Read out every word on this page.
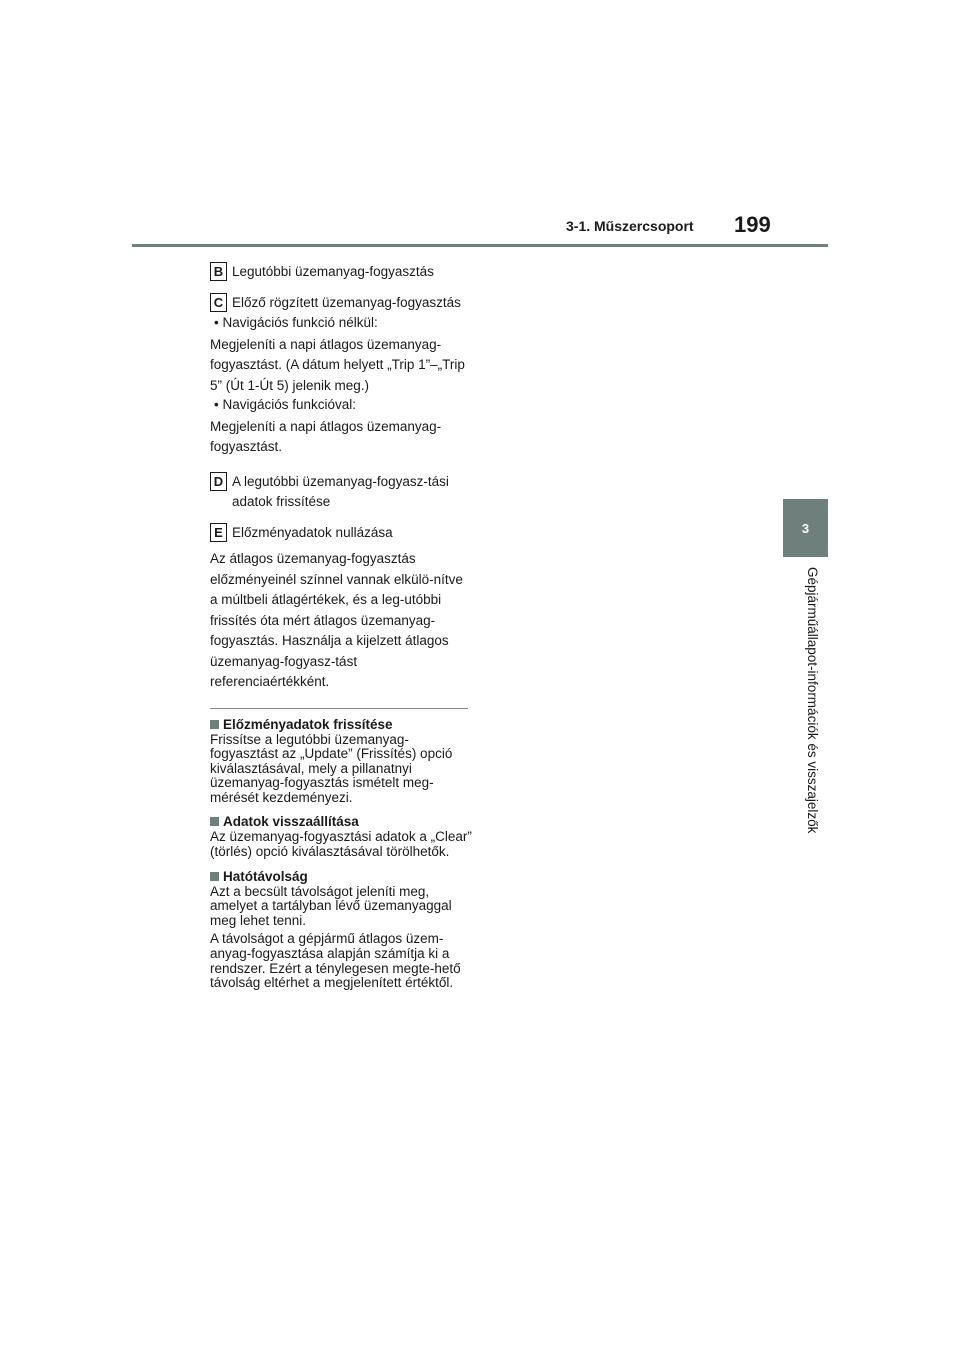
3-1. Műszercsoport 199
3
Gépjárműállapot-információk és visszajelzők
B Legutóbbi üzemanyag-fogyasztás
C Előző rögzített üzemanyag-fogyasztás
• Navigációs funkció nélkül:
Megjeleníti a napi átlagos üzemanyag-fogyasztást. (A dátum helyett „Trip 1”–„Trip 5” (Út 1-Út 5) jelenik meg.)
• Navigációs funkcióval:
Megjeleníti a napi átlagos üzemanyag-fogyasztást.
D A legutóbbi üzemanyag-fogyasz-tási adatok frissítése
E Előzményadatok nullázása
Az átlagos üzemanyag-fogyasztás előzményeinél színnel vannak elkülö-nítve a múltbeli átlagértékek, és a leg-utóbbi frissítés óta mért átlagos üzemanyag-fogyasztás. Használja a kijelzett átlagos üzemanyag-fogyasz-tást referenciaértékként.
Előzményadatok frissítése
Frissítse a legutóbbi üzemanyag-fogyasztást az „Update” (Frissítés) opció kiválasztásával, mely a pillanatnyi üzemanyag-fogyasztás ismételt meg-mérését kezdeményezi.
Adatok visszaállítása
Az üzemanyag-fogyasztási adatok a „Clear” (törlés) opció kiválasztásával törölhetők.
Hatótávolság
Azt a becsült távolságot jeleníti meg, amelyet a tartályban lévő üzemanyaggal meg lehet tenni.
A távolságot a gépjármű átlagos üzem-anyag-fogyasztása alapján számítja ki a rendszer. Ezért a ténylegesen megte-hető távolság eltérhet a megjelenített értéktől.
